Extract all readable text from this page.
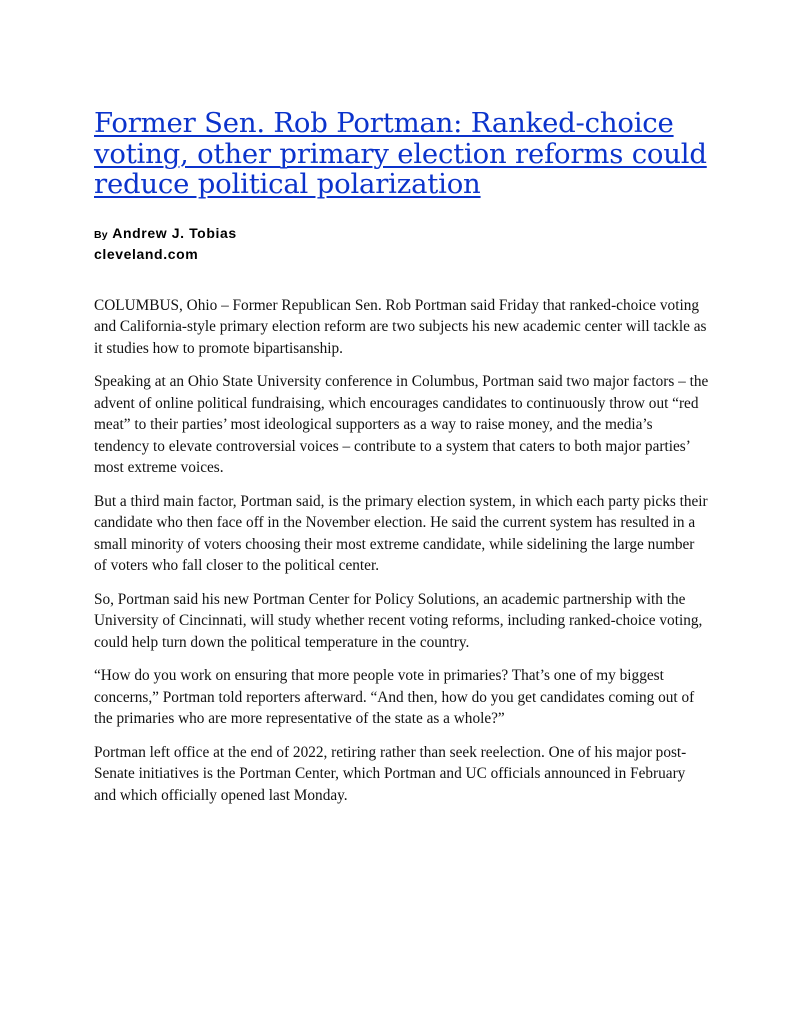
Former Sen. Rob Portman: Ranked-choice voting, other primary election reforms could reduce political polarization
By Andrew J. Tobias
cleveland.com

COLUMBUS, Ohio – Former Republican Sen. Rob Portman said Friday that ranked-choice voting and California-style primary election reform are two subjects his new academic center will tackle as it studies how to promote bipartisanship.

Speaking at an Ohio State University conference in Columbus, Portman said two major factors – the advent of online political fundraising, which encourages candidates to continuously throw out “red meat” to their parties’ most ideological supporters as a way to raise money, and the media’s tendency to elevate controversial voices – contribute to a system that caters to both major parties’ most extreme voices.

But a third main factor, Portman said, is the primary election system, in which each party picks their candidate who then face off in the November election. He said the current system has resulted in a small minority of voters choosing their most extreme candidate, while sidelining the large number of voters who fall closer to the political center.

So, Portman said his new Portman Center for Policy Solutions, an academic partnership with the University of Cincinnati, will study whether recent voting reforms, including ranked-choice voting, could help turn down the political temperature in the country.

“How do you work on ensuring that more people vote in primaries? That’s one of my biggest concerns,” Portman told reporters afterward. “And then, how do you get candidates coming out of the primaries who are more representative of the state as a whole?”

Portman left office at the end of 2022, retiring rather than seek reelection. One of his major post-Senate initiatives is the Portman Center, which Portman and UC officials announced in February and which officially opened last Monday.
